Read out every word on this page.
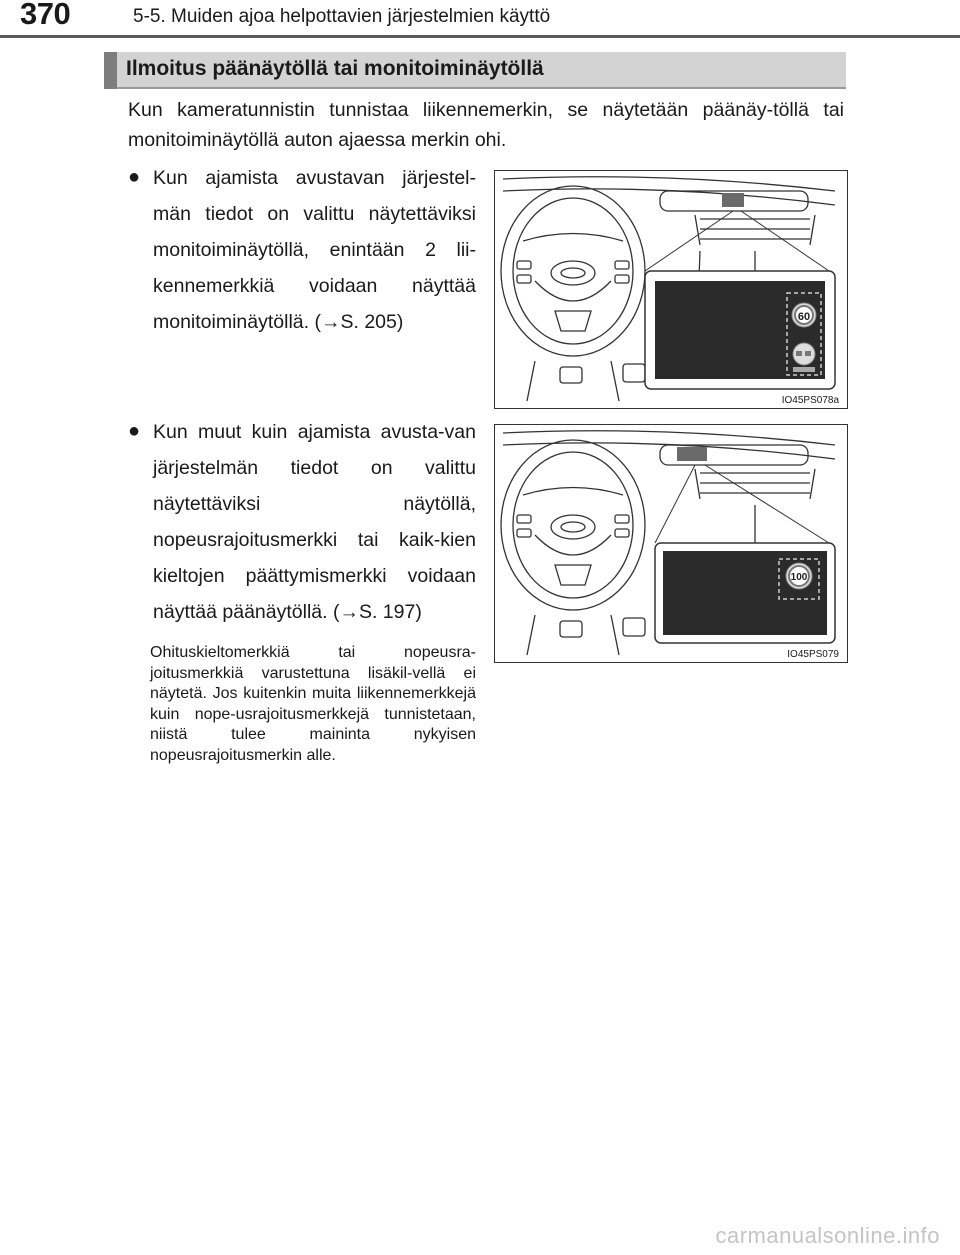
370	5-5. Muiden ajoa helpottavien järjestelmien käyttö
Ilmoitus päänäytöllä tai monitoiminäytöllä
Kun kameratunnistin tunnistaa liikennemerkin, se näytetään päänäy-töllä tai monitoiminäytöllä auton ajaessa merkin ohi.
● Kun ajamista avustavan järjestel-män tiedot on valittu näytettäviksi monitoiminäytöllä, enintään 2 lii-kennemerkkiä voidaan näyttää monitoiminäytöllä. (→S. 205)
● Kun muut kuin ajamista avusta-van järjestelmän tiedot on valittu näytettäviksi näytöllä, nopeusrajoitusmerkki tai kaik-kien kieltojen päättymismerkki voidaan näyttää päänäytöllä. (→S. 197)
Ohituskieltomerkkiä tai nopeusra-joitusmerkkiä varustettuna lisäkil-vellä ei näytetä. Jos kuitenkin muita liikennemerkkejä kuin nope-usrajoitusmerkkejä tunnistetaan, niistä tulee maininta nykyisen nopeusrajoitusmerkin alle.
60
IO45PS078a
100
IO45PS079
carmanualsonline.info
